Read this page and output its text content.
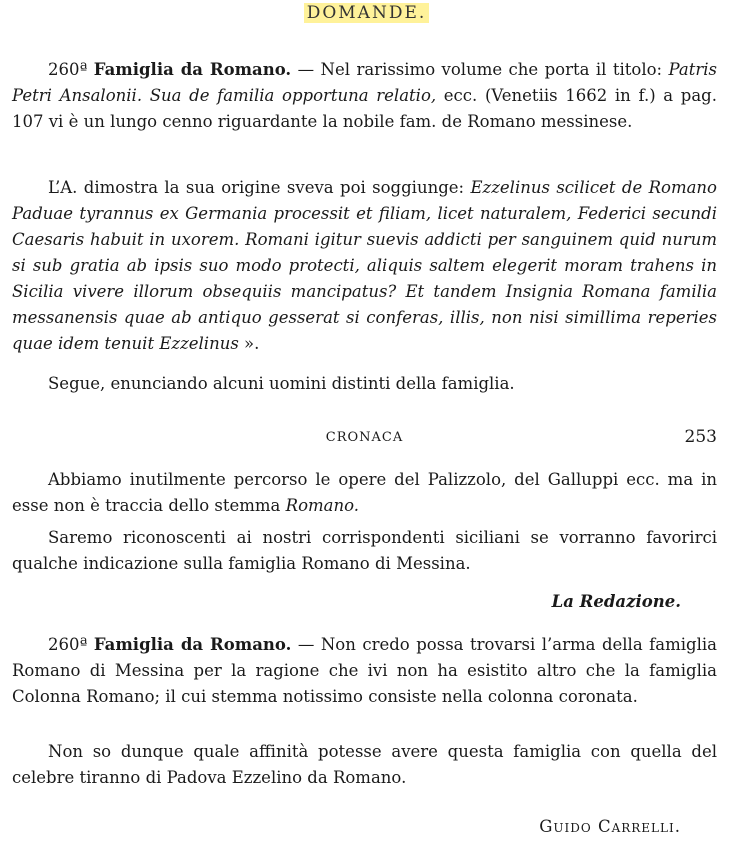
DOMANDE.

260ª Famiglia da Romano. — Nel rarissimo volume che porta il titolo: Patris Petri Ansalonii. Sua de familia opportuna relatio, ecc. (Venetiis 1662 in f.) a pag. 107 vi è un lungo cenno riguardante la nobile fam. de Romano messinese.

L’A. dimostra la sua origine sveva poi soggiunge: Ezzelinus scilicet de Romano Paduae tyrannus ex Germania processit et filiam, licet naturalem, Federici secundi Caesaris habuit in uxorem. Romani igitur suevis addicti per sanguinem quid nurum si sub gratia ab ipsis suo modo protecti, aliquis saltem elegerit moram trahens in Sicilia vivere illorum obsequiis mancipatus? Et tandem Insignia Romana familia messanensis quae ab antiquo gesserat si conferas, illis, non nisi simillima reperies quae idem tenuit Ezzelinus ».

Segue, enunciando alcuni uomini distinti della famiglia.

CRONACA	253

Abbiamo inutilmente percorso le opere del Palizzolo, del Galluppi ecc. ma in esse non è traccia dello stemma Romano.

Saremo riconoscenti ai nostri corrispondenti siciliani se vorranno favorirci qualche indicazione sulla famiglia Romano di Messina.

La Redazione.

260ª Famiglia da Romano. — Non credo possa trovarsi l’arma della famiglia Romano di Messina per la ragione che ivi non ha esistito altro che la famiglia Colonna Romano; il cui stemma notissimo consiste nella colonna coronata.

Non so dunque quale affinità potesse avere questa famiglia con quella del celebre tiranno di Padova Ezzelino da Romano.

Guido Carrelli.
